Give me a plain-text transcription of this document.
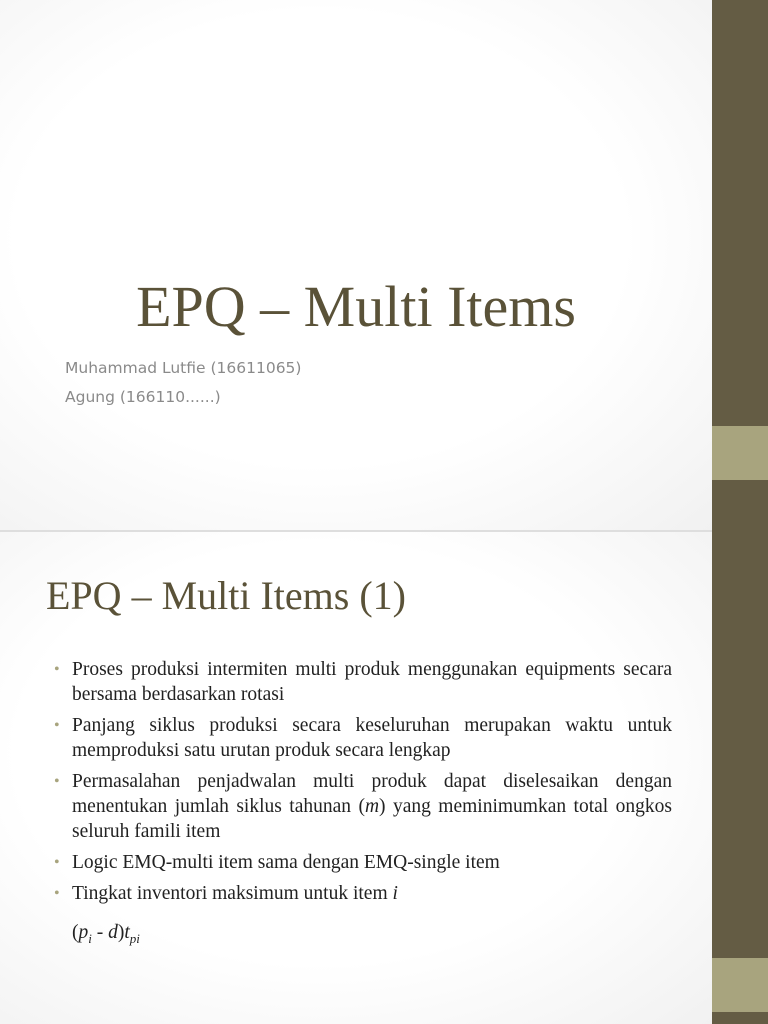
EPQ – Multi Items
Muhammad Lutfie (16611065)
Agung (166110......)
EPQ – Multi Items (1)
• Proses produksi intermiten multi produk menggunakan equipments secara bersama berdasarkan rotasi
• Panjang siklus produksi secara keseluruhan merupakan waktu untuk memproduksi satu urutan produk secara lengkap
• Permasalahan penjadwalan multi produk dapat diselesaikan dengan menentukan jumlah siklus tahunan (m) yang meminimumkan total ongkos seluruh famili item
• Logic EMQ-multi item sama dengan EMQ-single item
• Tingkat inventori maksimum untuk item i
$(p_i - d)t_{pi}$
